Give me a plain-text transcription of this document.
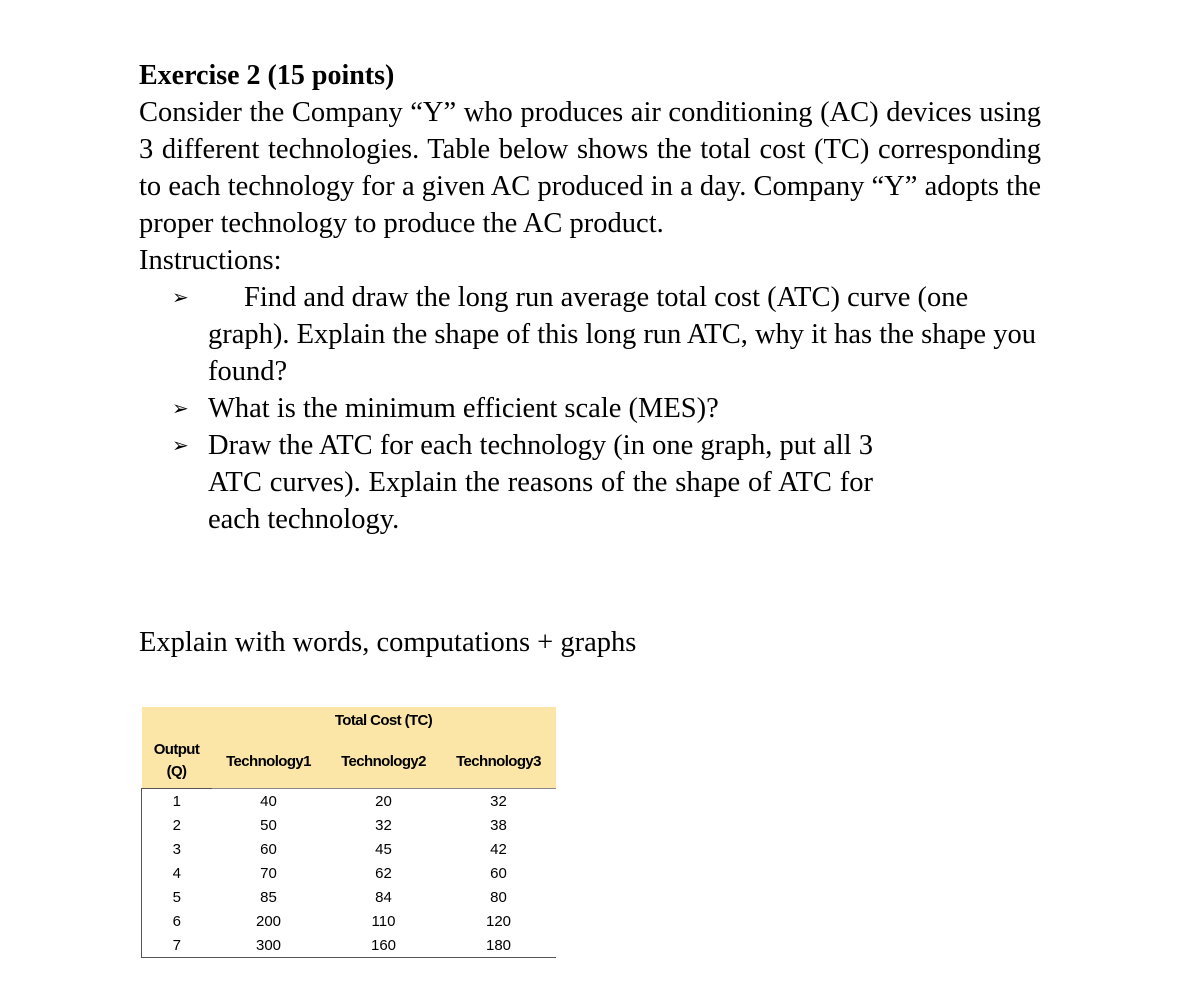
Exercise 2 (15 points)

Consider the Company “Y” who produces air conditioning (AC) devices using 3 different technologies. Table below shows the total cost (TC) corresponding to each technology for a given AC produced in a day. Company “Y” adopts the proper technology to produce the AC product.

Instructions:

➢ Find and draw the long run average total cost (ATC) curve (one graph). Explain the shape of this long run ATC, why it has the shape you found?
➢ What is the minimum efficient scale (MES)?
➢ Draw the ATC for each technology (in one graph, put all 3 ATC curves). Explain the reasons of the shape of ATC for each technology.
Explain with words, computations + graphs
		Total Cost (TC)	

Output
(Q)	Technology1	Technology2	Technology3
1	40	20	32
2	50	32	38
3	60	45	42
4	70	62	60
5	85	84	80
6	200	110	120
7	300	160	180
